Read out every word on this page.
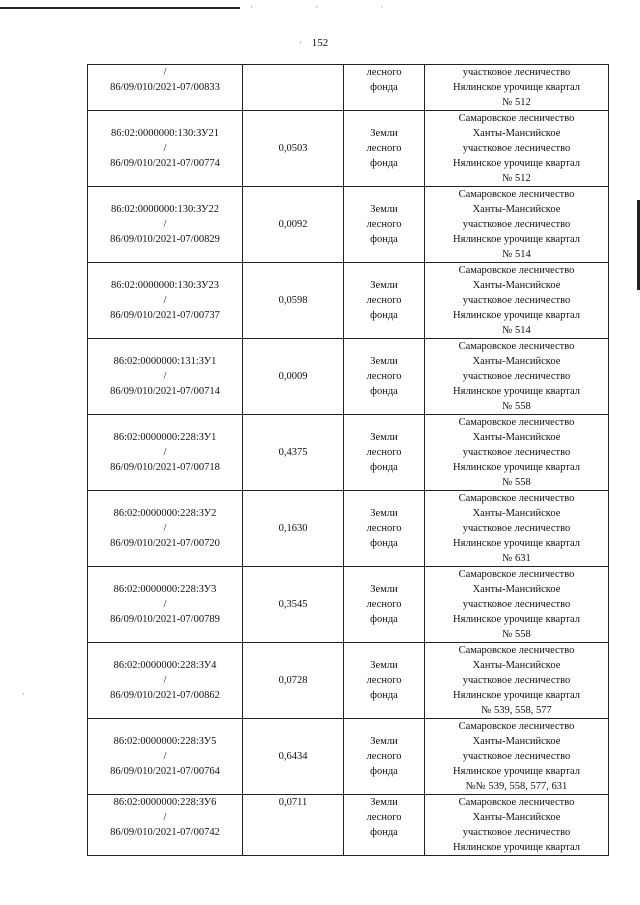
· · ·
152
'
·
/
86/09/010/2021-07/00833		лесного
фонда	участковое лесничество
Нялинское урочище квартал
№ 512

86:02:0000000:130:ЗУ21
/
86/09/010/2021-07/00774	0,0503	Земли
лесного
фонда	Самаровское лесничество
Ханты-Мансийское
участковое лесничество
Нялинское урочище квартал
№ 512

86:02:0000000:130:ЗУ22
/
86/09/010/2021-07/00829	0,0092	Земли
лесного
фонда	Самаровское лесничество
Ханты-Мансийское
участковое лесничество
Нялинское урочище квартал
№ 514

86:02:0000000:130:ЗУ23
/
86/09/010/2021-07/00737	0,0598	Земли
лесного
фонда	Самаровское лесничество
Ханты-Мансийское
участковое лесничество
Нялинское урочище квартал
№ 514

86:02:0000000:131:ЗУ1
/
86/09/010/2021-07/00714	0,0009	Земли
лесного
фонда	Самаровское лесничество
Ханты-Мансийское
участковое лесничество
Нялинское урочище квартал
№ 558

86:02:0000000:228:ЗУ1
/
86/09/010/2021-07/00718	0,4375	Земли
лесного
фонда	Самаровское лесничество
Ханты-Мансийское
участковое лесничество
Нялинское урочище квартал
№ 558

86:02:0000000:228:ЗУ2
/
86/09/010/2021-07/00720	0,1630	Земли
лесного
фонда	Самаровское лесничество
Ханты-Мансийское
участковое лесничество
Нялинское урочище квартал
№ 631

86:02:0000000:228:ЗУ3
/
86/09/010/2021-07/00789	0,3545	Земли
лесного
фонда	Самаровское лесничество
Ханты-Мансийское
участковое лесничество
Нялинское урочище квартал
№ 558

86:02:0000000:228:ЗУ4
/
86/09/010/2021-07/00862	0,0728	Земли
лесного
фонда	Самаровское лесничество
Ханты-Мансийское
участковое лесничество
Нялинское урочище квартал
№ 539, 558, 577

86:02:0000000:228:ЗУ5
/
86/09/010/2021-07/00764	0,6434	Земли
лесного
фонда	Самаровское лесничество
Ханты-Мансийское
участковое лесничество
Нялинское урочище квартал
№№ 539, 558, 577, 631

86:02:0000000:228:ЗУ6
/
86/09/010/2021-07/00742	0,0711	Земли
лесного
фонда	Самаровское лесничество
Ханты-Мансийское
участковое лесничество
Нялинское урочище квартал
